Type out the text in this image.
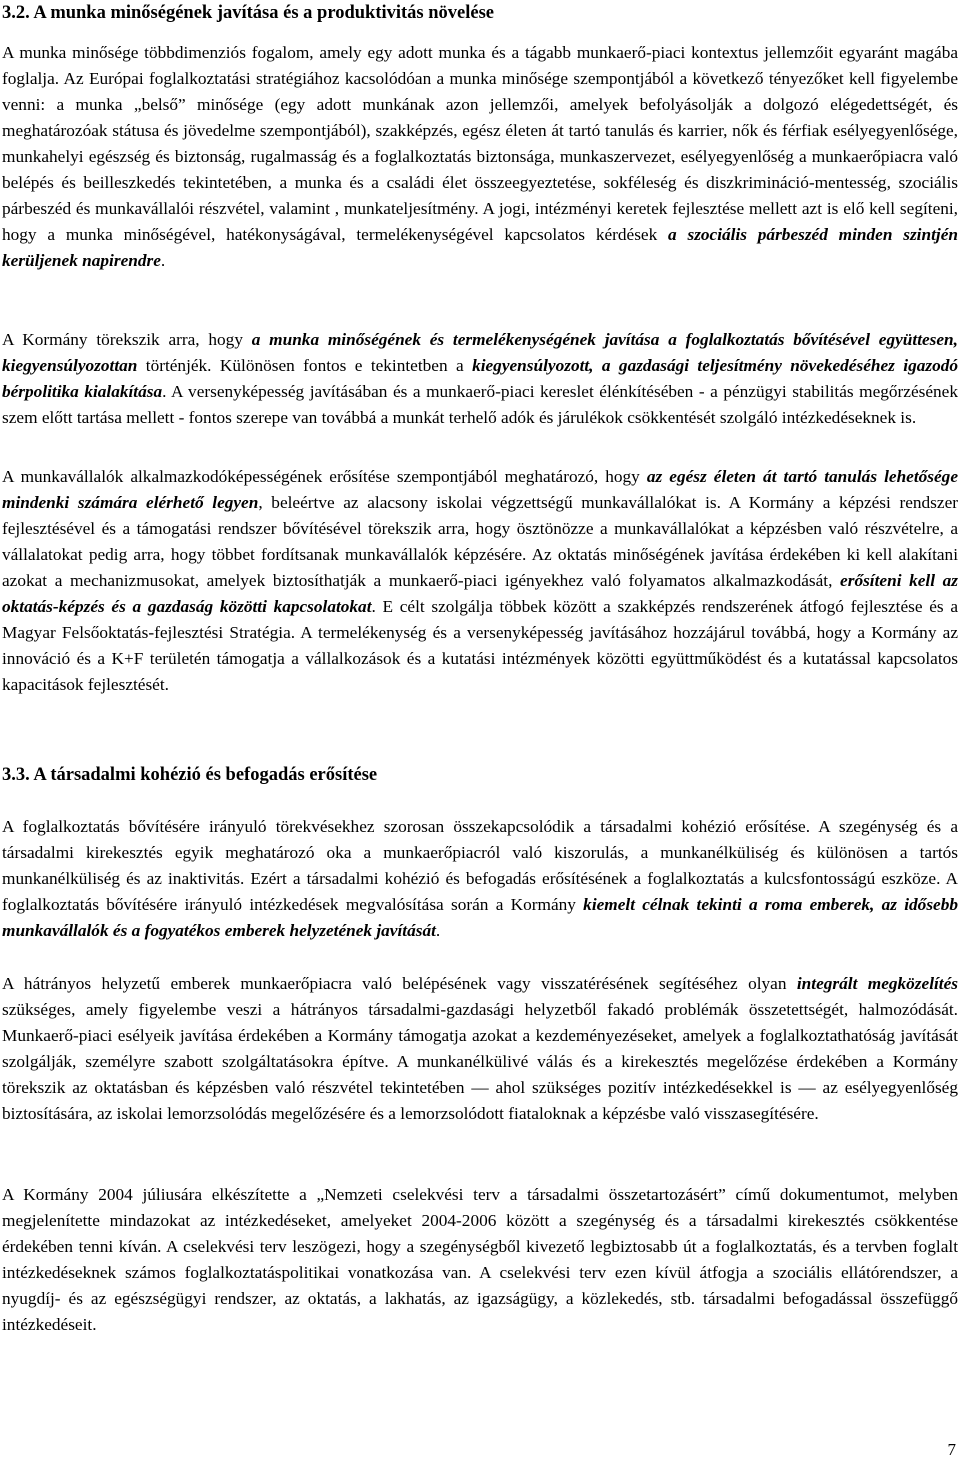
3.2. A munka minőségének javítása és a produktivitás növelése

A munka minősége többdimenziós fogalom, amely egy adott munka és a tágabb munkaerő-piaci kontextus jellemzőit egyaránt magába foglalja. Az Európai foglalkoztatási stratégiához kacsolódóan a munka minősége szempontjából a következő tényezőket kell figyelembe venni: a munka „belső” minősége (egy adott munkának azon jellemzői, amelyek befolyásolják a dolgozó elégedettségét, és meghatározóak státusa és jövedelme szempontjából), szakképzés, egész életen át tartó tanulás és karrier, nők és férfiak esélyegyenlősége, munkahelyi egészség és biztonság, rugalmasság és a foglalkoztatás biztonsága, munkaszervezet, esélyegyenlőség a munkaerőpiacra való belépés és beilleszkedés tekintetében, a munka és a családi élet összeegyeztetése, sokféleség és diszkrimináció-mentesség, szociális párbeszéd és munkavállalói részvétel, valamint , munkateljesítmény. A jogi, intézményi keretek fejlesztése mellett azt is elő kell segíteni, hogy a munka minőségével, hatékonyságával, termelékenységével kapcsolatos kérdések a szociális párbeszéd minden szintjén kerüljenek napirendre.

A Kormány törekszik arra, hogy a munka minőségének és termelékenységének javítása a foglalkoztatás bővítésével együttesen, kiegyensúlyozottan történjék. Különösen fontos e tekintetben a kiegyensúlyozott, a gazdasági teljesítmény növekedéséhez igazodó bérpolitika kialakítása. A versenyképesség javításában és a munkaerő-piaci kereslet élénkítésében - a pénzügyi stabilitás megőrzésének szem előtt tartása mellett - fontos szerepe van továbbá a munkát terhelő adók és járulékok csökkentését szolgáló intézkedéseknek is.

A munkavállalók alkalmazkodóképességének erősítése szempontjából meghatározó, hogy az egész életen át tartó tanulás lehetősége mindenki számára elérhető legyen, beleértve az alacsony iskolai végzettségű munkavállalókat is. A Kormány a képzési rendszer fejlesztésével és a támogatási rendszer bővítésével törekszik arra, hogy ösztönözze a munkavállalókat a képzésben való részvételre, a vállalatokat pedig arra, hogy többet fordítsanak munkavállalók képzésére. Az oktatás minőségének javítása érdekében ki kell alakítani azokat a mechanizmusokat, amelyek biztosíthatják a munkaerő-piaci igényekhez való folyamatos alkalmazkodását, erősíteni kell az oktatás-képzés és a gazdaság közötti kapcsolatokat. E célt szolgálja többek között a szakképzés rendszerének átfogó fejlesztése és a Magyar Felsőoktatás-fejlesztési Stratégia. A termelékenység és a versenyképesség javításához hozzájárul továbbá, hogy a Kormány az innováció és a K+F területén támogatja a vállalkozások és a kutatási intézmények közötti együttműködést és a kutatással kapcsolatos kapacitások fejlesztését.

3.3. A társadalmi kohézió és befogadás erősítése

A foglalkoztatás bővítésére irányuló törekvésekhez szorosan összekapcsolódik a társadalmi kohézió erősítése. A szegénység és a társadalmi kirekesztés egyik meghatározó oka a munkaerőpiacról való kiszorulás, a munkanélküliség és különösen a tartós munkanélküliség és az inaktivitás. Ezért a társadalmi kohézió és befogadás erősítésének a foglalkoztatás a kulcsfontosságú eszköze. A foglalkoztatás bővítésére irányuló intézkedések megvalósítása során a Kormány kiemelt célnak tekinti a roma emberek, az idősebb munkavállalók és a fogyatékos emberek helyzetének javítását.

A hátrányos helyzetű emberek munkaerőpiacra való belépésének vagy visszatérésének segítéséhez olyan integrált megközelítés szükséges, amely figyelembe veszi a hátrányos társadalmi-gazdasági helyzetből fakadó problémák összetettségét, halmozódását. Munkaerő-piaci esélyeik javítása érdekében a Kormány támogatja azokat a kezdeményezéseket, amelyek a foglalkoztathatóság javítását szolgálják, személyre szabott szolgáltatásokra építve. A munkanélkülivé válás és a kirekesztés megelőzése érdekében a Kormány törekszik az oktatásban és képzésben való részvétel tekintetében — ahol szükséges pozitív intézkedésekkel is — az esélyegyenlőség biztosítására, az iskolai lemorzsolódás megelőzésére és a lemorzsolódott fiataloknak a képzésbe való visszasegítésére.

A Kormány 2004 júliusára elkészítette a „Nemzeti cselekvési terv a társadalmi összetartozásért” című dokumentumot, melyben megjelenítette mindazokat az intézkedéseket, amelyeket 2004-2006 között a szegénység és a társadalmi kirekesztés csökkentése érdekében tenni kíván. A cselekvési terv leszögezi, hogy a szegénységből kivezető legbiztosabb út a foglalkoztatás, és a tervben foglalt intézkedéseknek számos foglalkoztatáspolitikai vonatkozása van. A cselekvési terv ezen kívül átfogja a szociális ellátórendszer, a nyugdíj- és az egészségügyi rendszer, az oktatás, a lakhatás, az igazságügy, a közlekedés, stb. társadalmi befogadással összefüggő intézkedéseit.

7
